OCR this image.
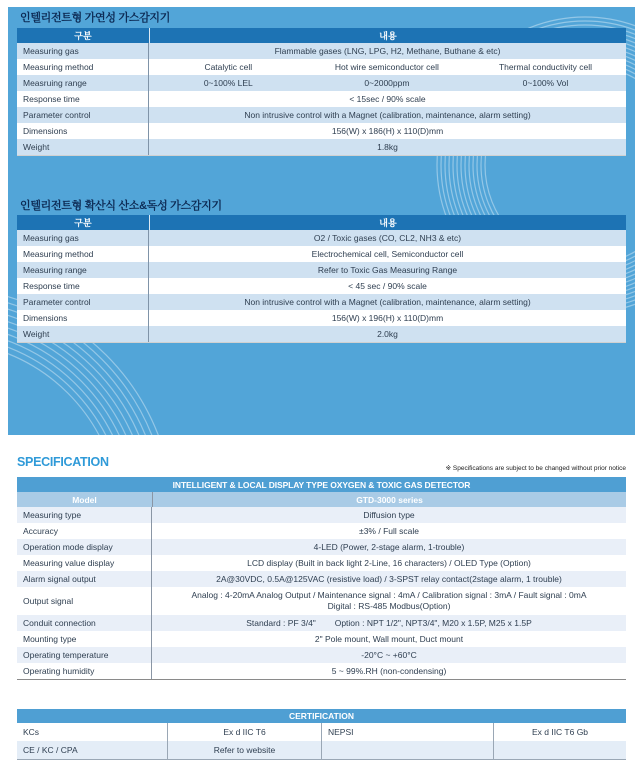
인텔리전트형 가연성 가스감지기
구분	내용
Measuring gas	Flammable gases (LNG, LPG, H2, Methane, Buthane & etc)
Measuring method	Catalytic cell	Hot wire semiconductor cell	Thermal conductivity cell
Measruing range	0~100% LEL	0~2000ppm	0~100% Vol
Response time	< 15sec / 90% scale
Parameter control	Non intrusive control with a Magnet (calibration, maintenance, alarm setting)
Dimensions	156(W) x 186(H) x 110(D)mm
Weight	1.8kg
인텔리전트형 확산식 산소&독성 가스감지기
구분	내용
Measuring gas	O2 / Toxic gases (CO, CL2, NH3 & etc)
Measuring method	Electrochemical cell, Semiconductor cell
Measuring range	Refer to Toxic Gas Measuring Range
Response time	< 45 sec / 90% scale
Parameter control	Non intrusive control with a Magnet (calibration, maintenance, alarm setting)
Dimensions	156(W) x 196(H) x 110(D)mm
Weight	2.0kg
SPECIFICATION	※ Specifications are subject to be changed without prior notice
INTELLIGENT & LOCAL DISPLAY TYPE OXYGEN & TOXIC GAS DETECTOR
Model	GTD-3000 series
Measuring type	Diffusion type
Accuracy	±3% / Full scale
Operation mode display	4-LED (Power, 2-stage alarm, 1-trouble)
Measuring value display	LCD display (Built in back light 2-Line, 16 characters) / OLED Type (Option)
Alarm signal output	2A@30VDC, 0.5A@125VAC (resistive load) / 3-SPST relay contact(2stage alarm, 1 trouble)
Output signal
Analog : 4-20mA Analog Output / Maintenance signal : 4mA / Calibration signal : 3mA / Fault signal : 0mA
Digital : RS-485 Modbus(Option)
Conduit connection	Standard : PF 3/4"        Option : NPT 1/2", NPT3/4", M20 x 1.5P, M25 x 1.5P
Mounting type	2" Pole mount, Wall mount, Duct mount
Operating temperature	-20°C ~ +60°C
Operating humidity	5 ~ 99%.RH (non-condensing)
CERTIFICATION
KCs	Ex d IIC T6	NEPSI	Ex d IIC T6 Gb
CE / KC / CPA	Refer to website
